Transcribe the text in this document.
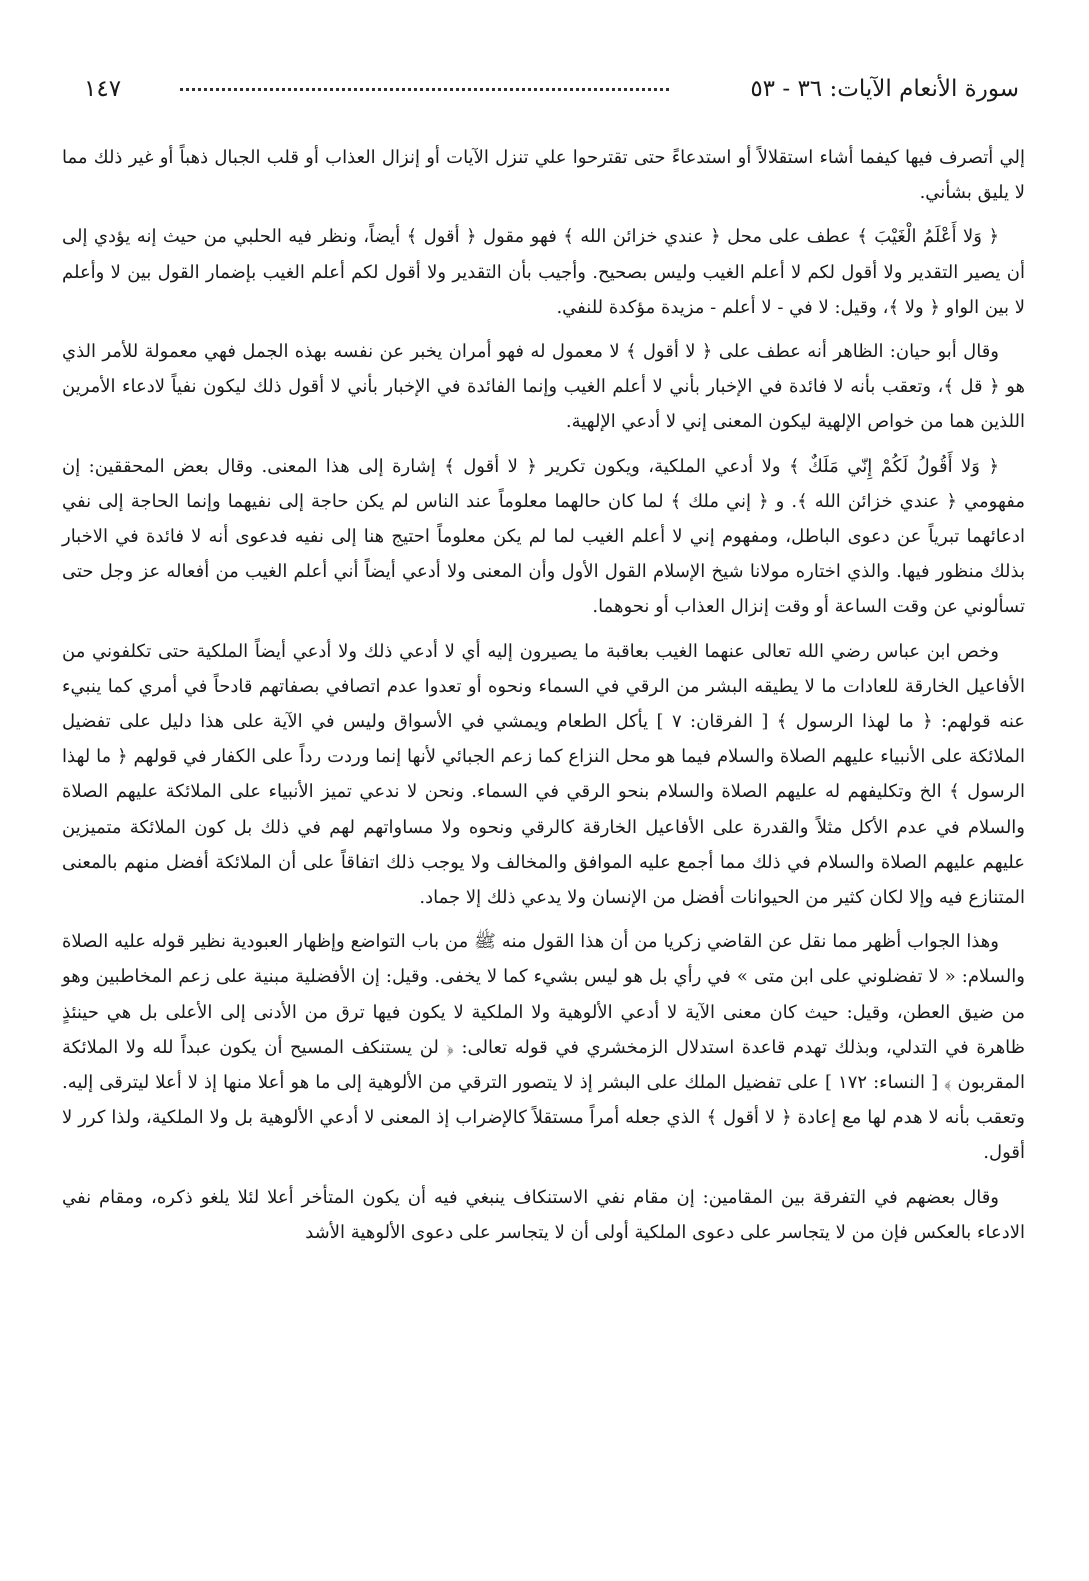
سورة الأنعام الآيات: ٣٦ - ٥٣
١٤٧

إلي أتصرف فيها كيفما أشاء استقلالاً أو استدعاءً حتى تقترحوا علي تنزل الآيات أو إنزال العذاب أو قلب الجبال ذهباً أو غير ذلك مما لا يليق بشأني.

﴿ وَلا أَعْلَمُ الْغَيْبَ ﴾ عطف على محل ﴿ عندي خزائن الله ﴾ فهو مقول ﴿ أقول ﴾ أيضاً، ونظر فيه الحلبي من حيث إنه يؤدي إلى أن يصير التقدير ولا أقول لكم لا أعلم الغيب وليس بصحيح. وأجيب بأن التقدير ولا أقول لكم أعلم الغيب بإضمار القول بين لا وأعلم لا بين الواو ﴿ ولا ﴾، وقيل: لا في - لا أعلم - مزيدة مؤكدة للنفي.

وقال أبو حيان: الظاهر أنه عطف على ﴿ لا أقول ﴾ لا معمول له فهو أمران يخبر عن نفسه بهذه الجمل فهي معمولة للأمر الذي هو ﴿ قل ﴾، وتعقب بأنه لا فائدة في الإخبار بأني لا أعلم الغيب وإنما الفائدة في الإخبار بأني لا أقول ذلك ليكون نفياً لادعاء الأمرين اللذين هما من خواص الإلهية ليكون المعنى إني لا أدعي الإلهية.

﴿ وَلا أَقُولُ لَكُمْ إِنّي مَلَكٌ ﴾ ولا أدعي الملكية، ويكون تكرير ﴿ لا أقول ﴾ إشارة إلى هذا المعنى. وقال بعض المحققين: إن مفهومي ﴿ عندي خزائن الله ﴾. و ﴿ إني ملك ﴾ لما كان حالهما معلوماً عند الناس لم يكن حاجة إلى نفيهما وإنما الحاجة إلى نفي ادعائهما تبرياً عن دعوى الباطل، ومفهوم إني لا أعلم الغيب لما لم يكن معلوماً احتيج هنا إلى نفيه فدعوى أنه لا فائدة في الاخبار بذلك منظور فيها. والذي اختاره مولانا شيخ الإسلام القول الأول وأن المعنى ولا أدعي أيضاً أني أعلم الغيب من أفعاله عز وجل حتى تسألوني عن وقت الساعة أو وقت إنزال العذاب أو نحوهما.

وخص ابن عباس رضي الله تعالى عنهما الغيب بعاقبة ما يصيرون إليه أي لا أدعي ذلك ولا أدعي أيضاً الملكية حتى تكلفوني من الأفاعيل الخارقة للعادات ما لا يطيقه البشر من الرقي في السماء ونحوه أو تعدوا عدم اتصافي بصفاتهم قادحاً في أمري كما ينبيء عنه قولهم: ﴿ ما لهذا الرسول ﴾ [ الفرقان: ٧ ] يأكل الطعام ويمشي في الأسواق وليس في الآية على هذا دليل على تفضيل الملائكة على الأنبياء عليهم الصلاة والسلام فيما هو محل النزاع كما زعم الجبائي لأنها إنما وردت رداً على الكفار في قولهم ﴿ ما لهذا الرسول ﴾ الخ وتكليفهم له عليهم الصلاة والسلام بنحو الرقي في السماء. ونحن لا ندعي تميز الأنبياء على الملائكة عليهم الصلاة والسلام في عدم الأكل مثلاً والقدرة على الأفاعيل الخارقة كالرقي ونحوه ولا مساواتهم لهم في ذلك بل كون الملائكة متميزين عليهم عليهم الصلاة والسلام في ذلك مما أجمع عليه الموافق والمخالف ولا يوجب ذلك اتفاقاً على أن الملائكة أفضل منهم بالمعنى المتنازع فيه وإلا لكان كثير من الحيوانات أفضل من الإنسان ولا يدعي ذلك إلا جماد.

وهذا الجواب أظهر مما نقل عن القاضي زكريا من أن هذا القول منه ﷺ من باب التواضع وإظهار العبودية نظير قوله عليه الصلاة والسلام: « لا تفضلوني على ابن متى » في رأي بل هو ليس بشيء كما لا يخفى. وقيل: إن الأفضلية مبنية على زعم المخاطبين وهو من ضيق العطن، وقيل: حيث كان معنى الآية لا أدعي الألوهية ولا الملكية لا يكون فيها ترق من الأدنى إلى الأعلى بل هي حينئذٍ ظاهرة في التدلي، وبذلك تهدم قاعدة استدلال الزمخشري في قوله تعالى: ﴿ لن يستنكف المسيح أن يكون عبداً لله ولا الملائكة المقربون ﴾ [ النساء: ١٧٢ ] على تفضيل الملك على البشر إذ لا يتصور الترقي من الألوهية إلى ما هو أعلا منها إذ لا أعلا ليترقى إليه. وتعقب بأنه لا هدم لها مع إعادة ﴿ لا أقول ﴾ الذي جعله أمراً مستقلاً كالإضراب إذ المعنى لا أدعي الألوهية بل ولا الملكية، ولذا كرر لا أقول.

وقال بعضهم في التفرقة بين المقامين: إن مقام نفي الاستنكاف ينبغي فيه أن يكون المتأخر أعلا لئلا يلغو ذكره، ومقام نفي الادعاء بالعكس فإن من لا يتجاسر على دعوى الملكية أولى أن لا يتجاسر على دعوى الألوهية الأشد
